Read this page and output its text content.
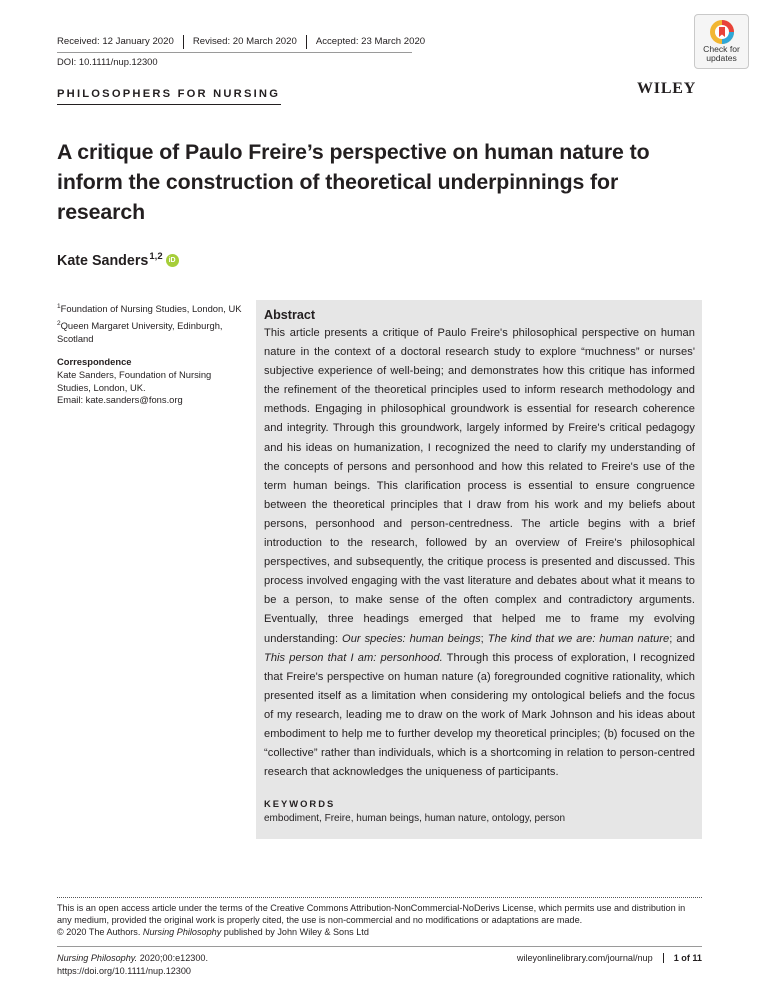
Received: 12 January 2020	Revised: 20 March 2020	Accepted: 23 March 2020
DOI: 10.1111/nup.12300
Check for
updates
PHILOSOPHERS FOR NURSING	WILEY
A critique of Paulo Freire’s perspective on human nature to inform the construction of theoretical underpinnings for research
Kate Sanders$^{1,2}$ iD
$^1$Foundation of Nursing Studies, London, UK
$^2$Queen Margaret University, Edinburgh, Scotland
Correspondence
Kate Sanders, Foundation of Nursing
Studies, London, UK.
Email: kate.sanders@fons.org
Abstract

This article presents a critique of Paulo Freire's philosophical perspective on human nature in the context of a doctoral research study to explore “muchness” or nurses' subjective experience of well‐being; and demonstrates how this critique has informed the refinement of the theoretical principles used to inform research methodology and methods. Engaging in philosophical groundwork is essential for research coherence and integrity. Through this groundwork, largely informed by Freire's critical pedagogy and his ideas on humanization, I recognized the need to clarify my understanding of the concepts of persons and personhood and how this related to Freire's use of the term human beings. This clarification process is essential to ensure congruence between the theoretical principles that I draw from his work and my beliefs about persons, personhood and person‐centredness. The article begins with a brief introduction to the research, followed by an overview of Freire's philosophical perspectives, and subsequently, the critique process is presented and discussed. This process involved engaging with the vast literature and debates about what it means to be a person, to make sense of the often complex and contradictory arguments. Eventually, three headings emerged that helped me to frame my evolving understanding: Our species: human beings; The kind that we are: human nature; and This person that I am: personhood. Through this process of exploration, I recognized that Freire's perspective on human nature (a) foregrounded cognitive rationality, which presented itself as a limitation when considering my ontological beliefs and the focus of my research, leading me to draw on the work of Mark Johnson and his ideas about embodiment to help me to further develop my theoretical principles; (b) focused on the “collective” rather than individuals, which is a shortcoming in relation to person‐centred research that acknowledges the uniqueness of participants.

KEYWORDS
embodiment, Freire, human beings, human nature, ontology, person
This is an open access article under the terms of the Creative Commons Attribution‐NonCommercial‐NoDerivs License, which permits use and distribution in
any medium, provided the original work is properly cited, the use is non‐commercial and no modifications or adaptations are made.
© 2020 The Authors. Nursing Philosophy published by John Wiley & Sons Ltd
Nursing Philosophy. 2020;00:e12300.
https://doi.org/10.1111/nup.12300
wileyonlinelibrary.com/journal/nup	1 of 11
